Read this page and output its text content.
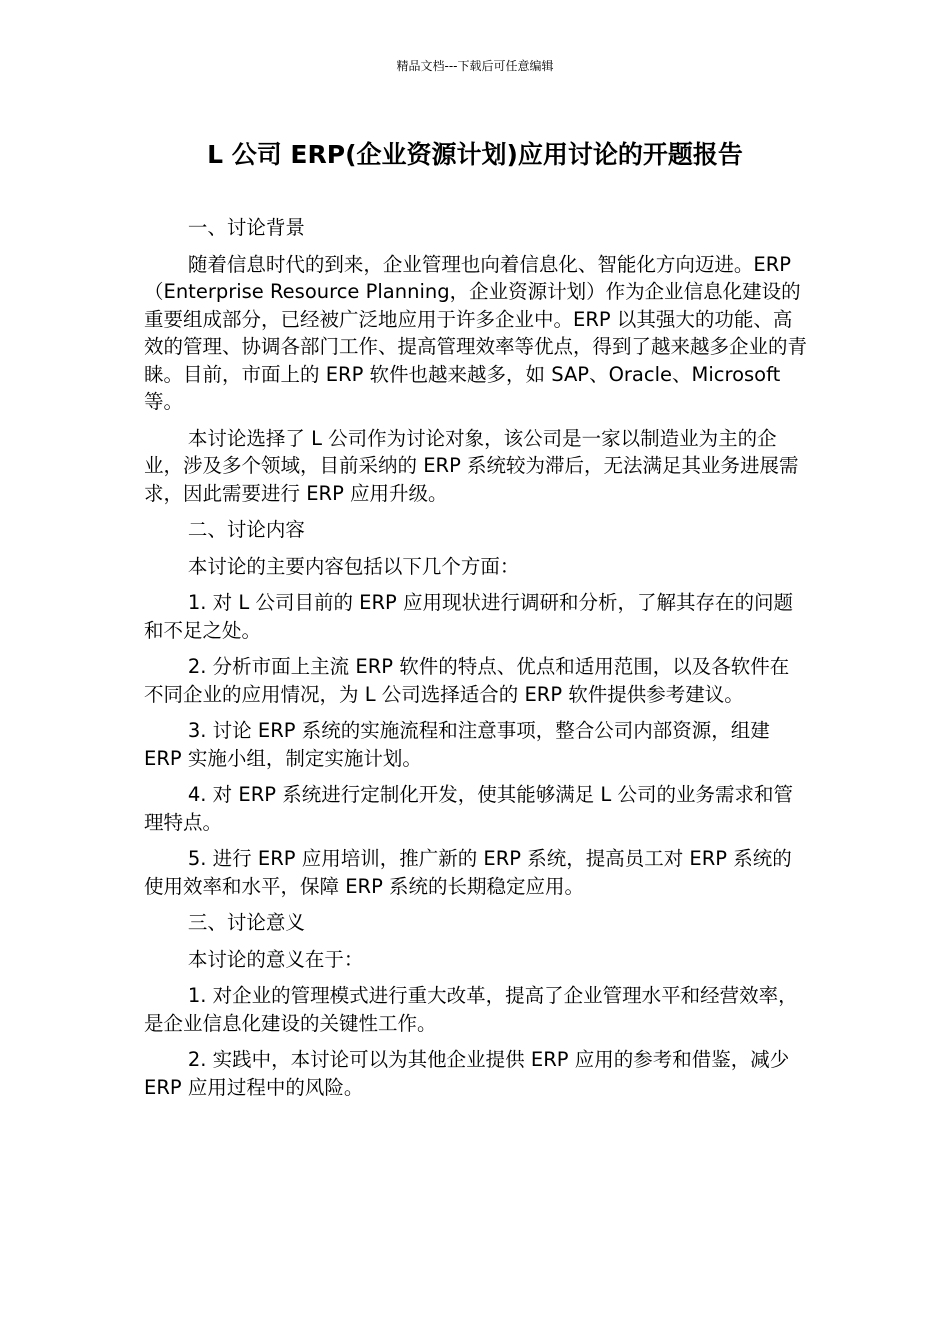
精品文档---下载后可任意编辑
L 公司 ERP(企业资源计划)应用讨论的开题报告

一、讨论背景

随着信息时代的到来，企业管理也向着信息化、智能化方向迈进。ERP（Enterprise Resource Planning，企业资源计划）作为企业信息化建设的重要组成部分，已经被广泛地应用于许多企业中。ERP 以其强大的功能、高效的管理、协调各部门工作、提高管理效率等优点，得到了越来越多企业的青睐。目前，市面上的 ERP 软件也越来越多，如 SAP、Oracle、Microsoft 等。

本讨论选择了 L 公司作为讨论对象，该公司是一家以制造业为主的企业，涉及多个领域，目前采纳的 ERP 系统较为滞后，无法满足其业务进展需求，因此需要进行 ERP 应用升级。

二、讨论内容

本讨论的主要内容包括以下几个方面：

1. 对 L 公司目前的 ERP 应用现状进行调研和分析，了解其存在的问题和不足之处。

2. 分析市面上主流 ERP 软件的特点、优点和适用范围，以及各软件在不同企业的应用情况，为 L 公司选择适合的 ERP 软件提供参考建议。

3. 讨论 ERP 系统的实施流程和注意事项，整合公司内部资源，组建 ERP 实施小组，制定实施计划。

4. 对 ERP 系统进行定制化开发，使其能够满足 L 公司的业务需求和管理特点。

5. 进行 ERP 应用培训，推广新的 ERP 系统，提高员工对 ERP 系统的使用效率和水平，保障 ERP 系统的长期稳定应用。

三、讨论意义

本讨论的意义在于：

1. 对企业的管理模式进行重大改革，提高了企业管理水平和经营效率，是企业信息化建设的关键性工作。

2. 实践中，本讨论可以为其他企业提供 ERP 应用的参考和借鉴，减少 ERP 应用过程中的风险。
